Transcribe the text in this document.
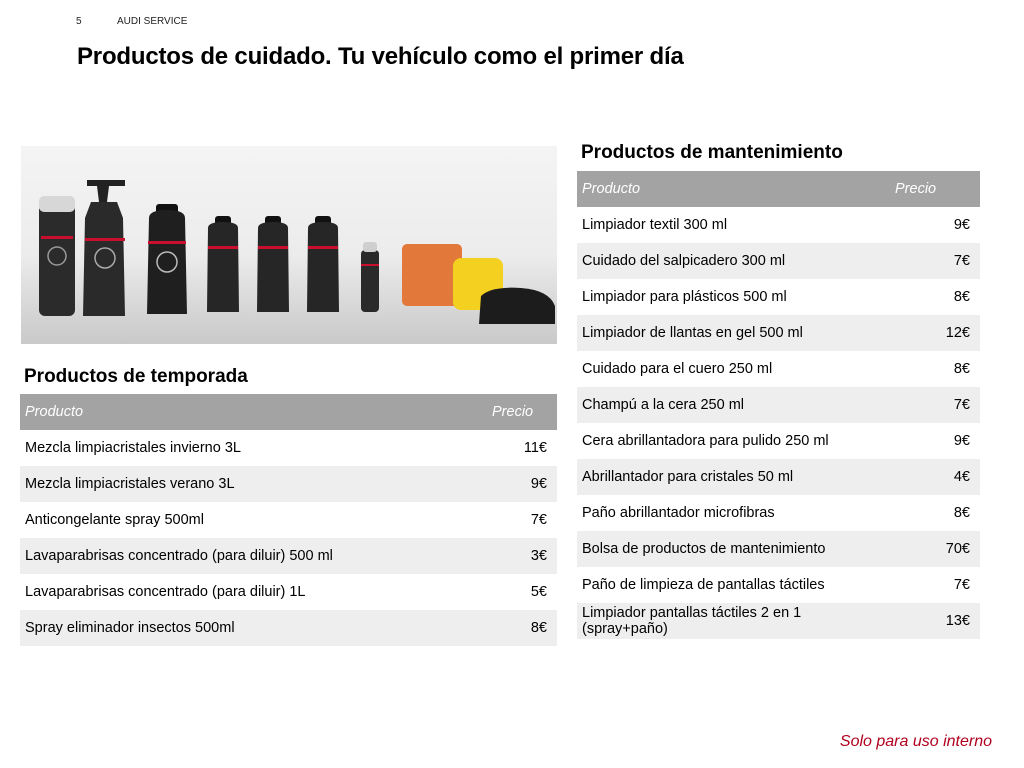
5	AUDI SERVICE
Productos de cuidado. Tu vehículo como el primer día
Productos de temporada
Producto	Precio
Mezcla limpiacristales invierno 3L	11€
Mezcla limpiacristales verano 3L	9€
Anticongelante spray 500ml	7€
Lavaparabrisas concentrado (para diluir) 500 ml	3€
Lavaparabrisas concentrado (para diluir) 1L	5€
Spray eliminador insectos 500ml	8€
Productos de mantenimiento
Producto	Precio
Limpiador textil 300 ml	9€
Cuidado del salpicadero 300 ml	7€
Limpiador para plásticos 500 ml	8€
Limpiador de llantas en gel 500 ml	12€
Cuidado para el cuero 250 ml	8€
Champú a la cera 250 ml	7€
Cera abrillantadora para pulido 250 ml	9€
Abrillantador para cristales 50 ml	4€
Paño abrillantador microfibras	8€
Bolsa de productos de mantenimiento	70€
Paño de limpieza de pantallas táctiles	7€
Limpiador pantallas táctiles 2 en 1 (spray+paño)	13€
Solo para uso interno
